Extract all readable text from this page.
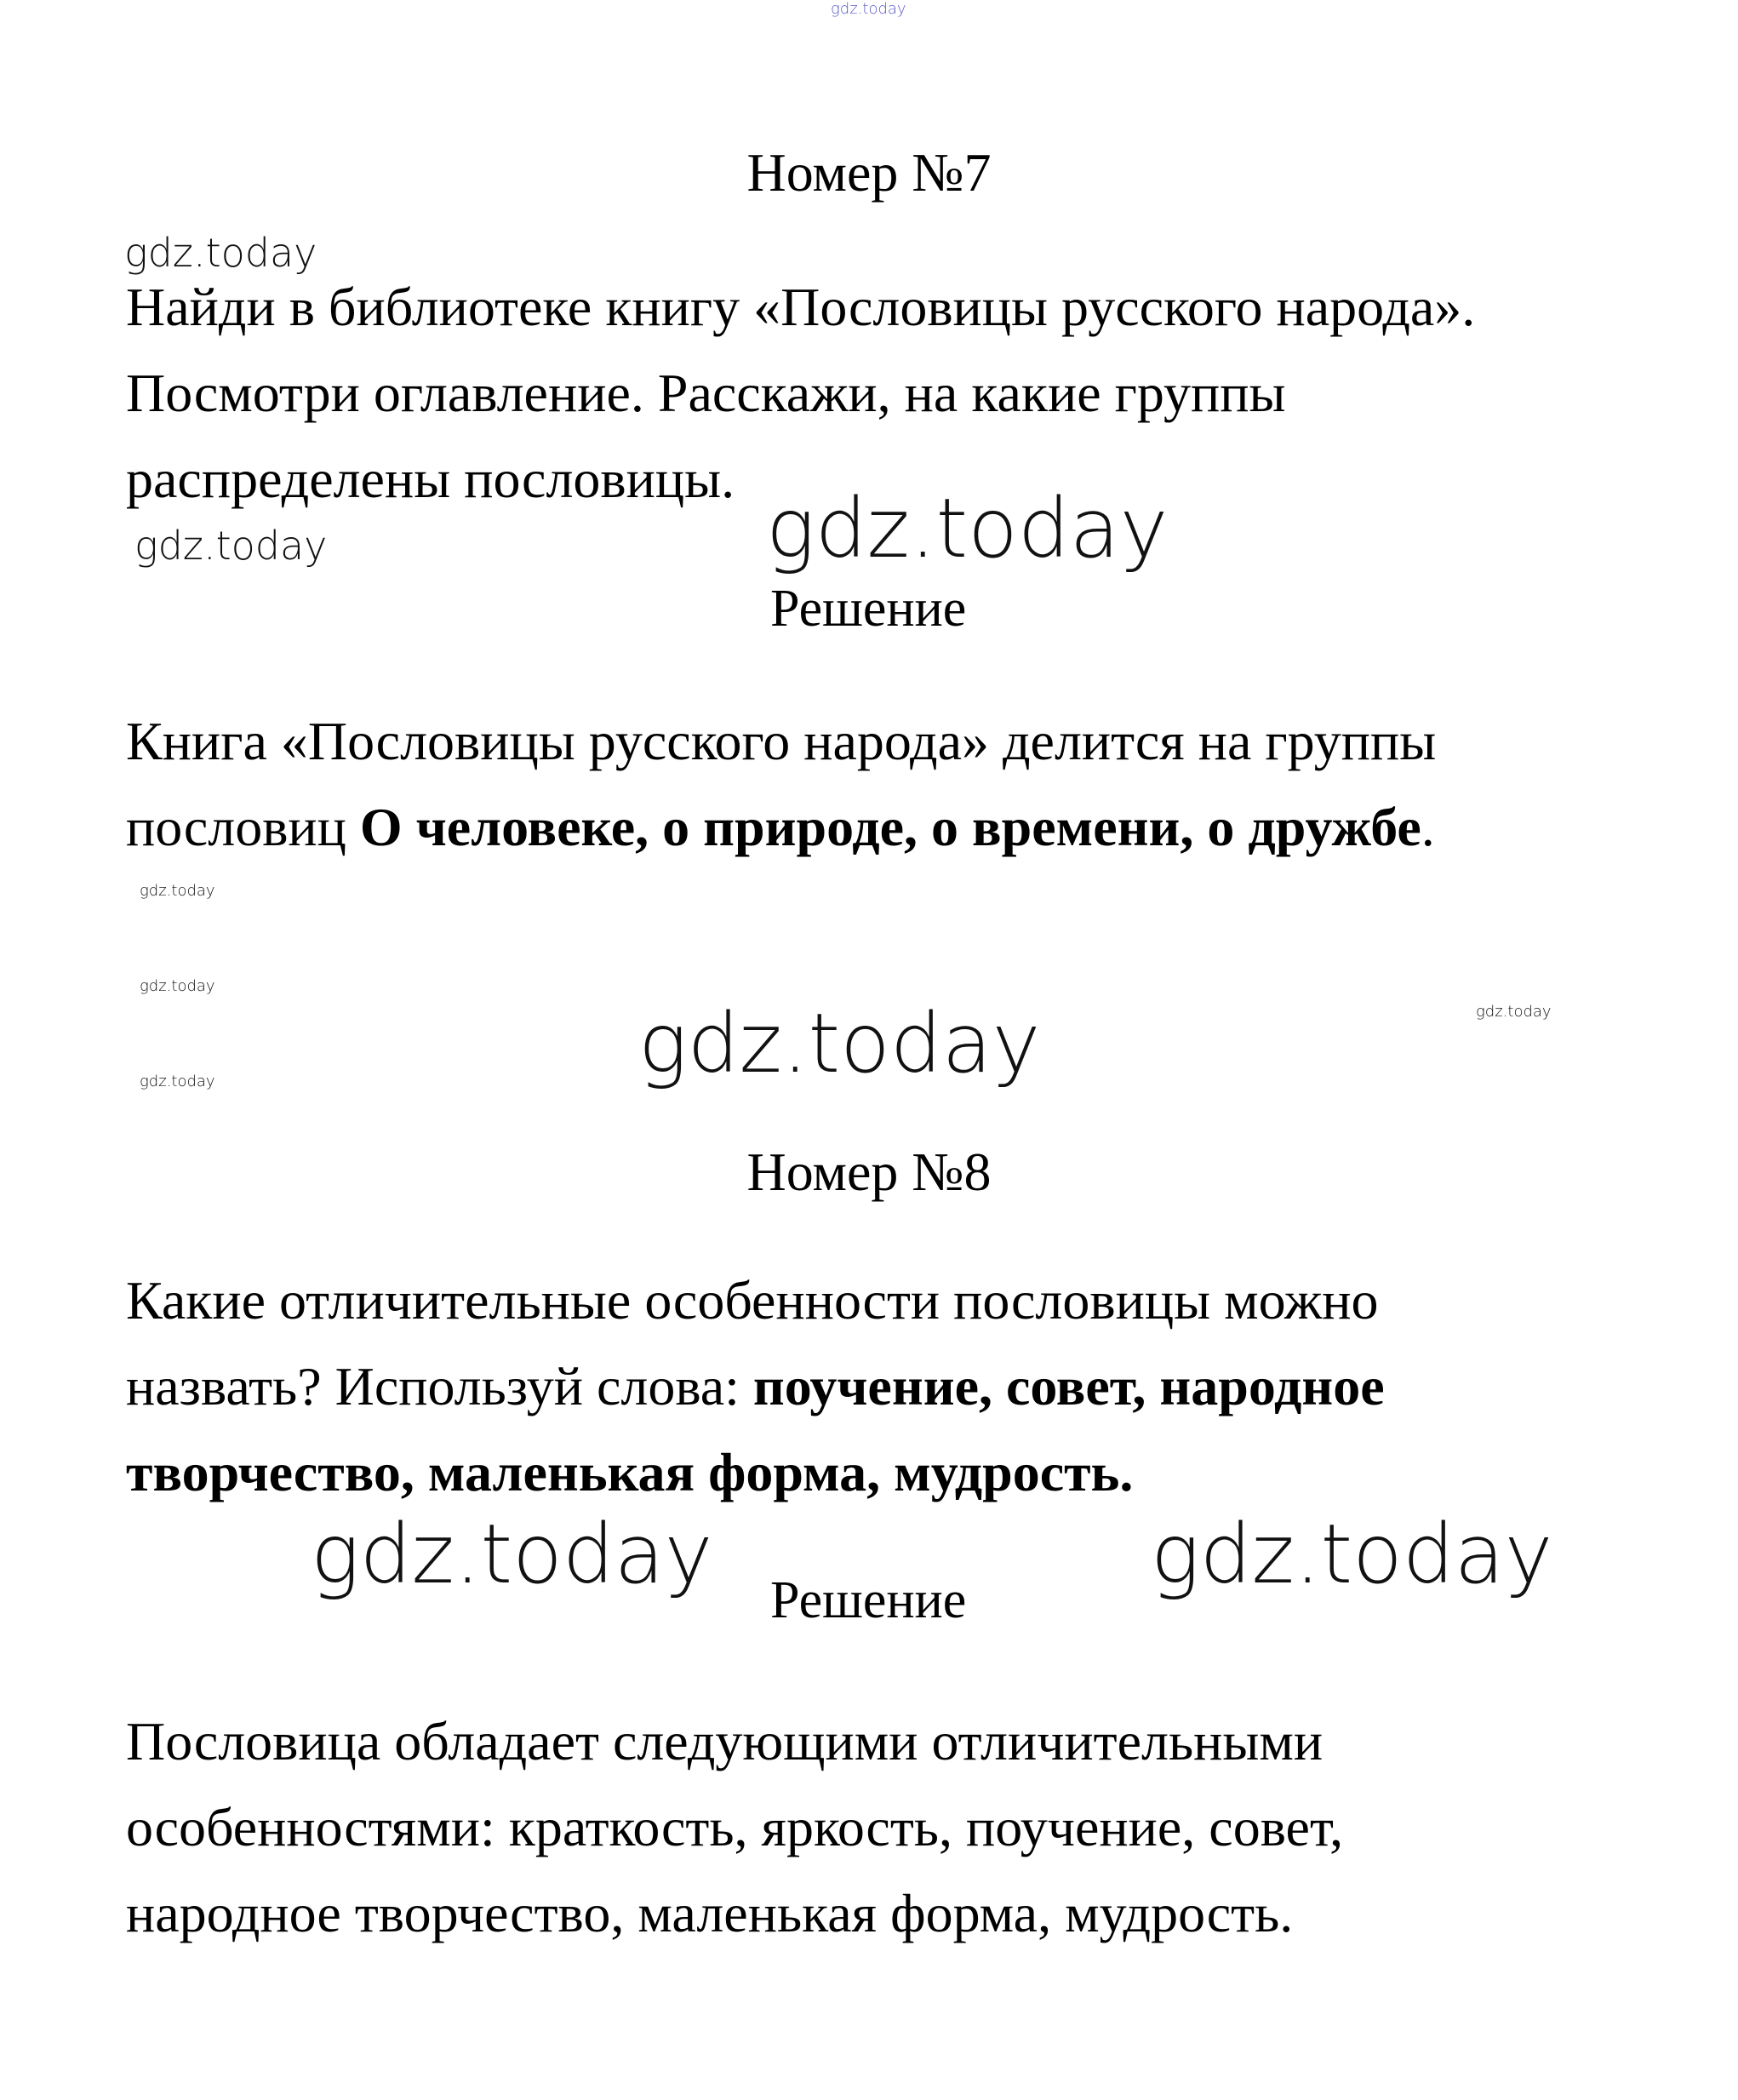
gdz.today
Номер №7
gdz.today
Найди в библиотеке книгу «Пословицы русского народа».
Посмотри оглавление. Расскажи, на какие группы
распределены пословицы.
gdz.today	gdz.today
Решение
Книга «Пословицы русского народа» делится на группы
пословиц О человеке, о природе, о времени, о дружбе.
gdz.today
gdz.today
gdz.today
gdz.today
gdz.today
Номер №8
Какие отличительные особенности пословицы можно
назвать? Используй слова: поучение, совет, народное
творчество, маленькая форма, мудрость.
gdz.today	gdz.today
Решение
Пословица обладает следующими отличительными
особенностями: краткость, яркость, поучение, совет,
народное творчество, маленькая форма, мудрость.
